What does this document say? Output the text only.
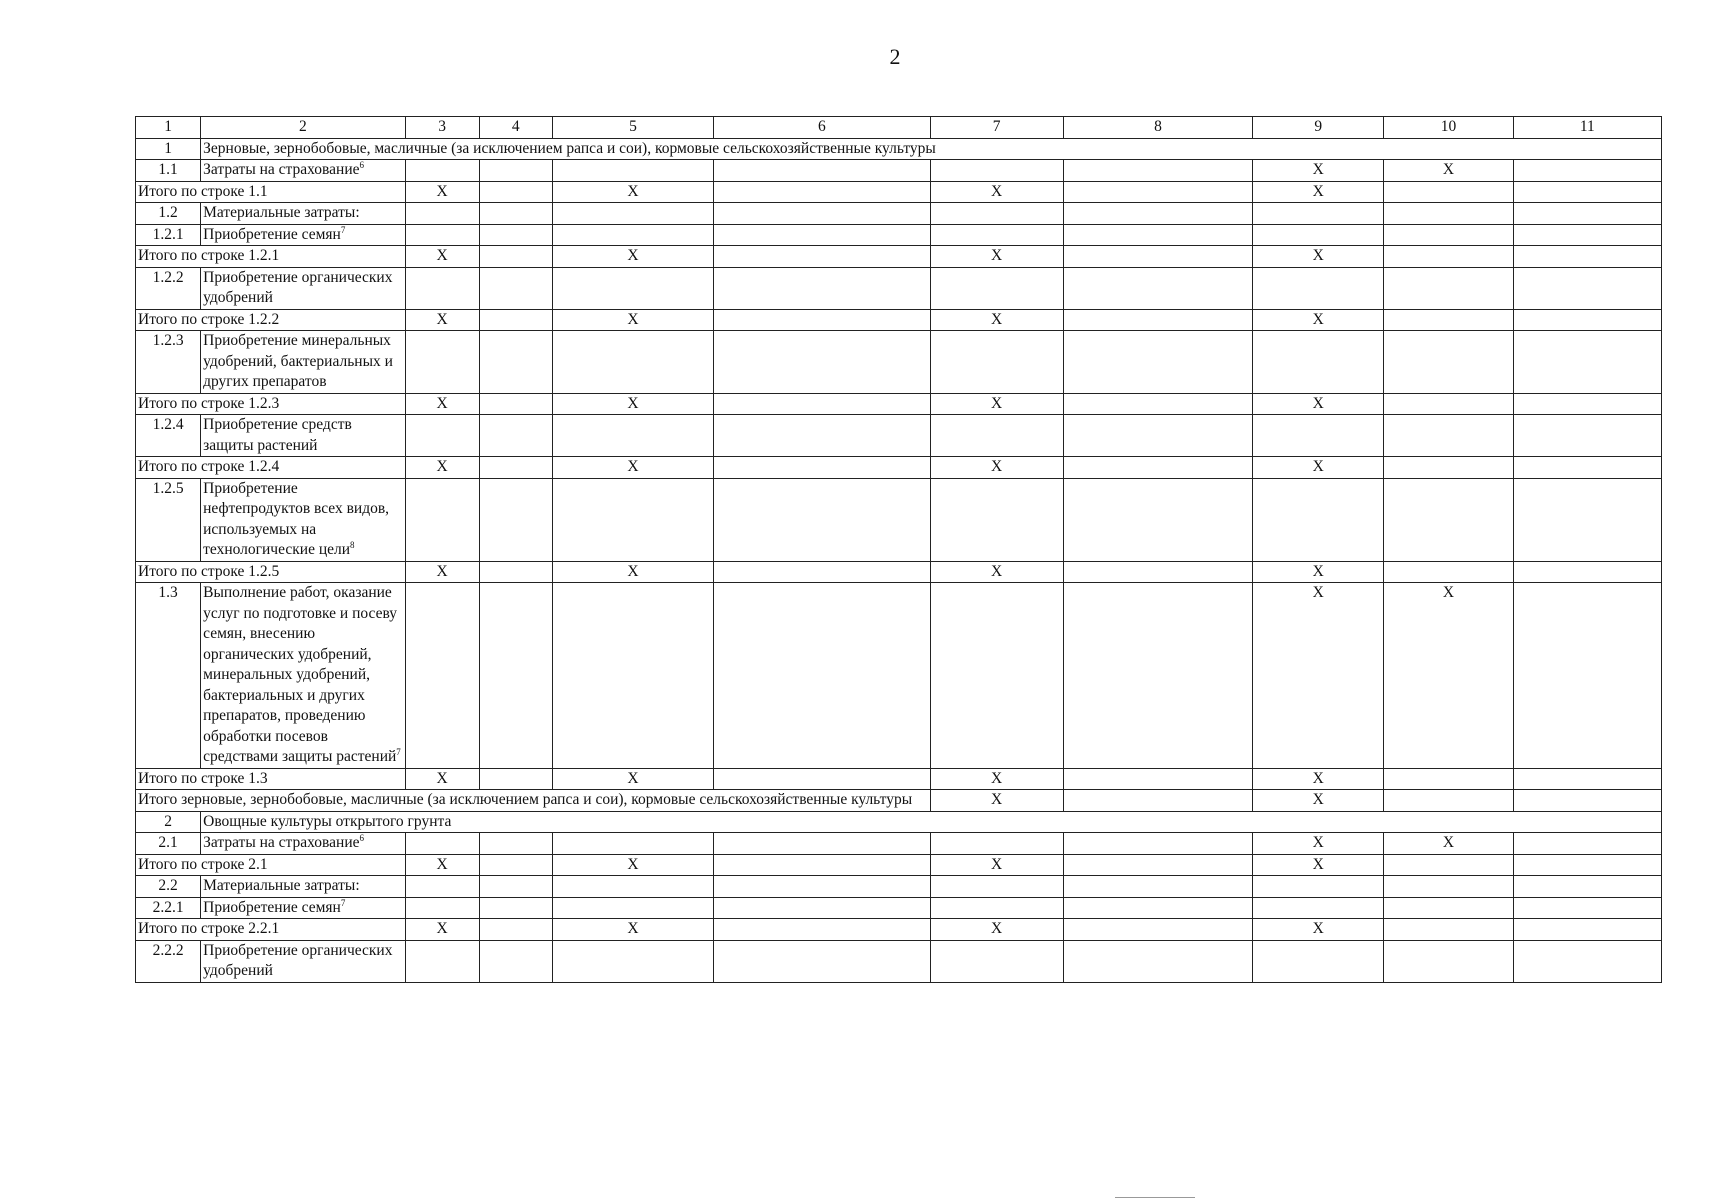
2
1	2	3	4	5	6	7	8	9	10	11
1	Зерновые, зернобобовые, масличные (за исключением рапса и сои), кормовые сельскохозяйственные культуры									
1.1	Затраты на страхование$^6$							X	X	
Итого по строке 1.1		X		X		X		X		
1.2	Материальные затраты:									
1.2.1	Приобретение семян$^7$									
Итого по строке 1.2.1		X		X		X		X		
1.2.2	Приобретение органических удобрений									
Итого по строке 1.2.2		X		X		X		X		
1.2.3	Приобретение минеральных удобрений, бактериальных и других препаратов									
Итого по строке 1.2.3		X		X		X		X		
1.2.4	Приобретение средств защиты растений									
Итого по строке 1.2.4		X		X		X		X		
1.2.5	Приобретение нефтепродуктов всех видов, используемых на технологические цели$^8$									
Итого по строке 1.2.5		X		X		X		X		
1.3	Выполнение работ, оказание услуг по подготовке и посеву семян, внесению органических удобрений, минеральных удобрений, бактериальных и других препаратов, проведению обработки посевов средствами защиты растений$^7$							X	X	
Итого по строке 1.3		X		X		X		X		
Итого зерновые, зернобобовые, масличные (за исключением рапса и сои), кормовые сельскохозяйственные культуры						X		X		
2	Овощные культуры открытого грунта									
2.1	Затраты на страхование$^6$							X	X	
Итого по строке 2.1		X		X		X		X		
2.2	Материальные затраты:									
2.2.1	Приобретение семян$^7$									
Итого по строке 2.2.1		X		X		X		X		
2.2.2	Приобретение органических удобрений									
